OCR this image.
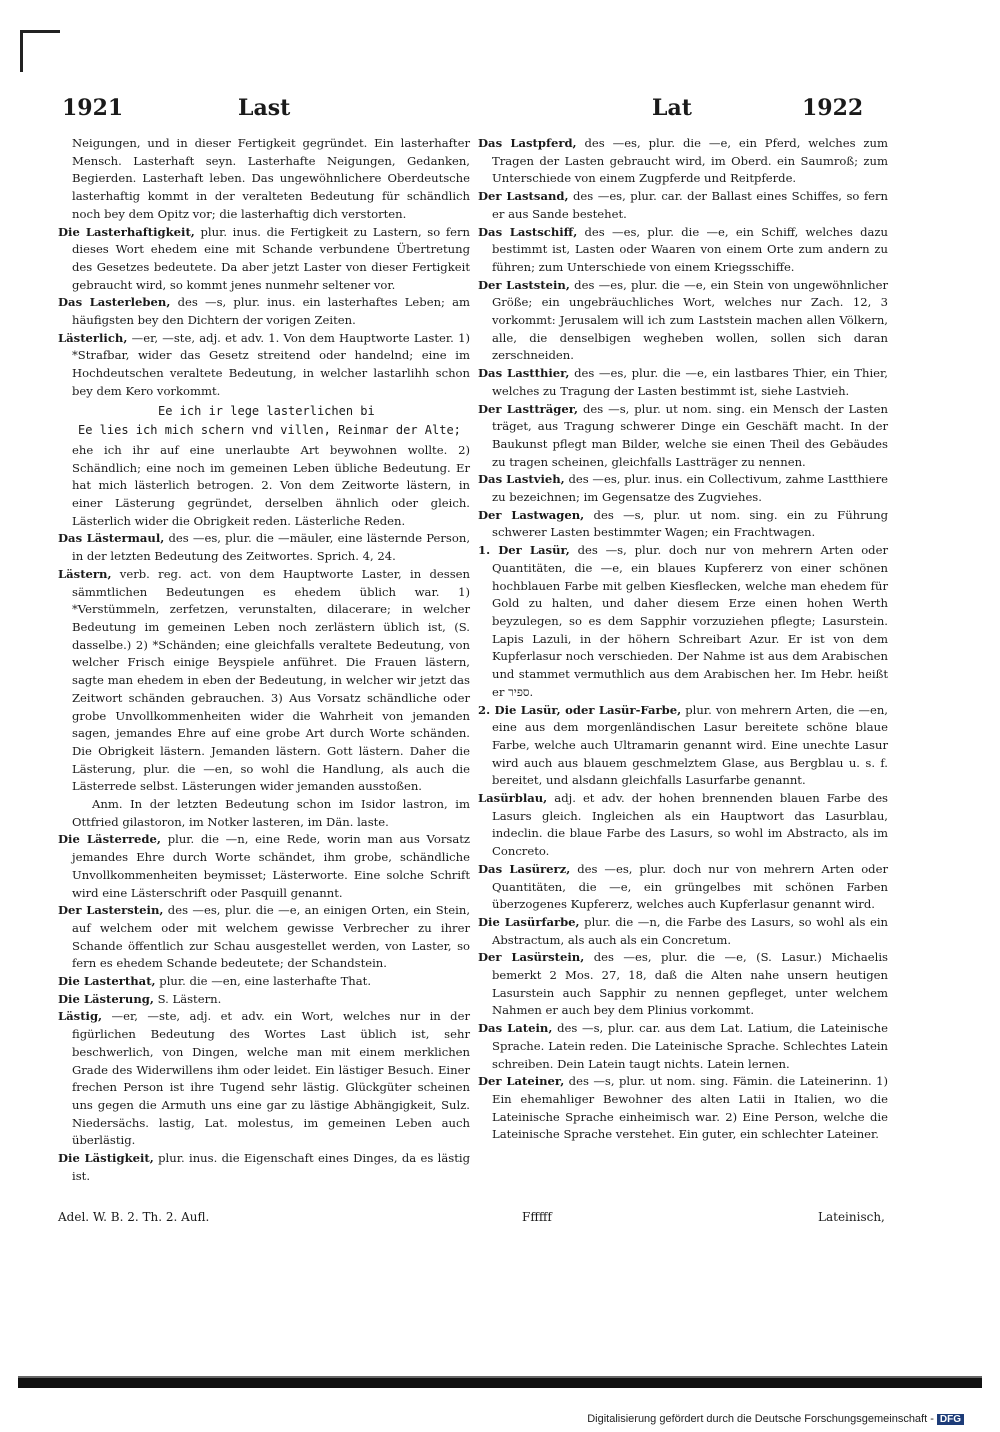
1921	Last	Lat	1922

Neigungen, und in dieser Fertigkeit gegründet. Ein lasterhafter Mensch. Lasterhaft seyn. Lasterhafte Neigungen, Gedanken, Begierden. Lasterhaft leben. Das ungewöhnlichere Oberdeutsche lasterhaftig kommt in der veralteten Bedeutung für schändlich noch bey dem Opitz vor; die lasterhaftig dich verstorten.

Die Lasterhaftigkeit, plur. inus. die Fertigkeit zu Lastern, so fern dieses Wort ehedem eine mit Schande verbundene Übertretung des Gesetzes bedeutete. Da aber jetzt Laster von dieser Fertigkeit gebraucht wird, so kommt jenes nunmehr seltener vor.

Das Lasterleben, des —s, plur. inus. ein lasterhaftes Leben; am häufigsten bey den Dichtern der vorigen Zeiten.

Lästerlich, —er, —ste, adj. et adv. 1. Von dem Hauptworte Laster. 1) *Strafbar, wider das Gesetz streitend oder handelnd; eine im Hochdeutschen veraltete Bedeutung, in welcher lastarlihh schon bey dem Kero vorkommt.

Ee ich ir lege lasterlichen bi

Ee lies ich mich schern vnd villen, Reinmar der Alte;

ehe ich ihr auf eine unerlaubte Art beywohnen wollte. 2) Schändlich; eine noch im gemeinen Leben übliche Bedeutung. Er hat mich lästerlich betrogen. 2. Von dem Zeitworte lästern, in einer Lästerung gegründet, derselben ähnlich oder gleich. Lästerlich wider die Obrigkeit reden. Lästerliche Reden.

Das Lästermaul, des —es, plur. die —mäuler, eine lästernde Person, in der letzten Bedeutung des Zeitwortes. Sprich. 4, 24.

Lästern, verb. reg. act. von dem Hauptworte Laster, in dessen sämmtlichen Bedeutungen es ehedem üblich war. 1) *Verstümmeln, zerfetzen, verunstalten, dilacerare; in welcher Bedeutung im gemeinen Leben noch zerlästern üblich ist, (S. dasselbe.) 2) *Schänden; eine gleichfalls veraltete Bedeutung, von welcher Frisch einige Beyspiele anführet. Die Frauen lästern, sagte man ehedem in eben der Bedeutung, in welcher wir jetzt das Zeitwort schänden gebrauchen. 3) Aus Vorsatz schändliche oder grobe Unvollkommenheiten wider die Wahrheit von jemanden sagen, jemandes Ehre auf eine grobe Art durch Worte schänden. Die Obrigkeit lästern. Jemanden lästern. Gott lästern. Daher die Lästerung, plur. die —en, so wohl die Handlung, als auch die Lästerrede selbst. Lästerungen wider jemanden ausstoßen.

Anm. In der letzten Bedeutung schon im Isidor lastron, im Ottfried gilastoron, im Notker lasteren, im Dän. laste.

Die Lästerrede, plur. die —n, eine Rede, worin man aus Vorsatz jemandes Ehre durch Worte schändet, ihm grobe, schändliche Unvollkommenheiten beymisset; Lästerworte. Eine solche Schrift wird eine Lästerschrift oder Pasquill genannt.

Der Lasterstein, des —es, plur. die —e, an einigen Orten, ein Stein, auf welchem oder mit welchem gewisse Verbrecher zu ihrer Schande öffentlich zur Schau ausgestellet werden, von Laster, so fern es ehedem Schande bedeutete; der Schandstein.

Die Lasterthat, plur. die —en, eine lasterhafte That.

Die Lästerung, S. Lästern.

Lästig, —er, —ste, adj. et adv. ein Wort, welches nur in der figürlichen Bedeutung des Wortes Last üblich ist, sehr beschwerlich, von Dingen, welche man mit einem merklichen Grade des Widerwillens ihm oder leidet. Ein lästiger Besuch. Einer frechen Person ist ihre Tugend sehr lästig. Glückgüter scheinen uns gegen die Armuth uns eine gar zu lästige Abhängigkeit, Sulz. Niedersächs. lastig, Lat. molestus, im gemeinen Leben auch überlästig.

Die Lästigkeit, plur. inus. die Eigenschaft eines Dinges, da es lästig ist.

Das Lastpferd, des —es, plur. die —e, ein Pferd, welches zum Tragen der Lasten gebraucht wird, im Oberd. ein Saumroß; zum Unterschiede von einem Zugpferde und Reitpferde.

Der Lastsand, des —es, plur. car. der Ballast eines Schiffes, so fern er aus Sande bestehet.

Das Lastschiff, des —es, plur. die —e, ein Schiff, welches dazu bestimmt ist, Lasten oder Waaren von einem Orte zum andern zu führen; zum Unterschiede von einem Kriegsschiffe.

Der Laststein, des —es, plur. die —e, ein Stein von ungewöhnlicher Größe; ein ungebräuchliches Wort, welches nur Zach. 12, 3 vorkommt: Jerusalem will ich zum Laststein machen allen Völkern, alle, die denselbigen wegheben wollen, sollen sich daran zerschneiden.

Das Lastthier, des —es, plur. die —e, ein lastbares Thier, ein Thier, welches zu Tragung der Lasten bestimmt ist, siehe Lastvieh.

Der Lastträger, des —s, plur. ut nom. sing. ein Mensch der Lasten träget, aus Tragung schwerer Dinge ein Geschäft macht. In der Baukunst pflegt man Bilder, welche sie einen Theil des Gebäudes zu tragen scheinen, gleichfalls Lastträger zu nennen.

Das Lastvieh, des —es, plur. inus. ein Collectivum, zahme Lastthiere zu bezeichnen; im Gegensatze des Zugviehes.

Der Lastwagen, des —s, plur. ut nom. sing. ein zu Führung schwerer Lasten bestimmter Wagen; ein Frachtwagen.

1. Der Lasür, des —s, plur. doch nur von mehrern Arten oder Quantitäten, die —e, ein blaues Kupfererz von einer schönen hochblauen Farbe mit gelben Kiesflecken, welche man ehedem für Gold zu halten, und daher diesem Erze einen hohen Werth beyzulegen, so es dem Sapphir vorzuziehen pflegte; Lasurstein. Lapis Lazuli, in der höhern Schreibart Azur. Er ist von dem Kupferlasur noch verschieden. Der Nahme ist aus dem Arabischen und stammet vermuthlich aus dem Arabischen her. Im Hebr. heißt er ספיר.

2. Die Lasür, oder Lasür-Farbe, plur. von mehrern Arten, die —en, eine aus dem morgenländischen Lasur bereitete schöne blaue Farbe, welche auch Ultramarin genannt wird. Eine unechte Lasur wird auch aus blauem geschmelztem Glase, aus Bergblau u. s. f. bereitet, und alsdann gleichfalls Lasurfarbe genannt.

Lasürblau, adj. et adv. der hohen brennenden blauen Farbe des Lasurs gleich. Ingleichen als ein Hauptwort das Lasurblau, indeclin. die blaue Farbe des Lasurs, so wohl im Abstracto, als im Concreto.

Das Lasürerz, des —es, plur. doch nur von mehrern Arten oder Quantitäten, die —e, ein grüngelbes mit schönen Farben überzogenes Kupfererz, welches auch Kupferlasur genannt wird.

Die Lasürfarbe, plur. die —n, die Farbe des Lasurs, so wohl als ein Abstractum, als auch als ein Concretum.

Der Lasürstein, des —es, plur. die —e, (S. Lasur.) Michaelis bemerkt 2 Mos. 27, 18, daß die Alten nahe unsern heutigen Lasurstein auch Sapphir zu nennen gepfleget, unter welchem Nahmen er auch bey dem Plinius vorkommt.

Das Latein, des —s, plur. car. aus dem Lat. Latium, die Lateinische Sprache. Latein reden. Die Lateinische Sprache. Schlechtes Latein schreiben. Dein Latein taugt nichts. Latein lernen.

Der Lateiner, des —s, plur. ut nom. sing. Fämin. die Lateinerinn. 1) Ein ehemahliger Bewohner des alten Latii in Italien, wo die Lateinische Sprache einheimisch war. 2) Eine Person, welche die Lateinische Sprache verstehet. Ein guter, ein schlechter Lateiner.

Adel. W. B. 2. Th. 2. Aufl.	Ffffff	Lateinisch,
Digitalisierung gefördert durch die Deutsche Forschungsgemeinschaft - DFG
